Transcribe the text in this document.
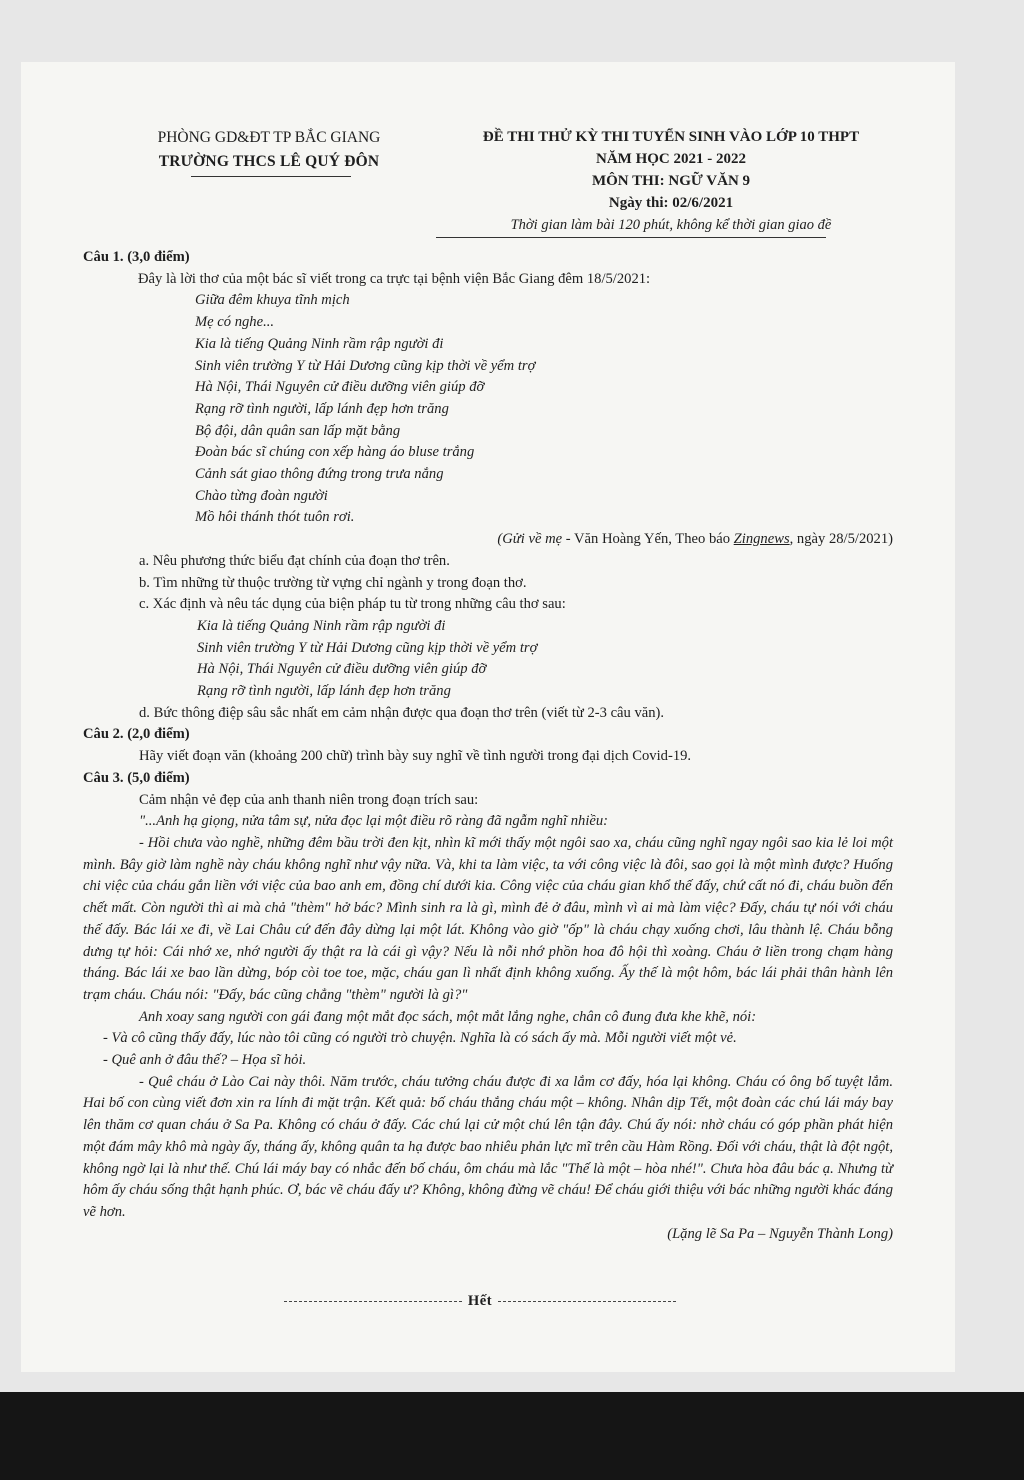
PHÒNG GD&ĐT TP BẮC GIANG
TRƯỜNG THCS LÊ QUÝ ĐÔN
ĐỀ THI THỬ KỲ THI TUYỂN SINH VÀO LỚP 10 THPT
NĂM HỌC 2021 - 2022
MÔN THI: NGỮ VĂN 9
Ngày thi: 02/6/2021
Thời gian làm bài 120 phút, không kể thời gian giao đề
Câu 1. (3,0 điểm)
Đây là lời thơ của một bác sĩ viết trong ca trực tại bệnh viện Bắc Giang đêm 18/5/2021:
Giữa đêm khuya tĩnh mịch
Mẹ có nghe...
Kia là tiếng Quảng Ninh rầm rập người đi
Sinh viên trường Y từ Hải Dương cũng kịp thời về yểm trợ
Hà Nội, Thái Nguyên cử điều dưỡng viên giúp đỡ
Rạng rỡ tình người, lấp lánh đẹp hơn trăng
Bộ đội, dân quân san lấp mặt bằng
Đoàn bác sĩ chúng con xếp hàng áo bluse trắng
Cảnh sát giao thông đứng trong trưa nắng
Chào từng đoàn người
Mồ hôi thánh thót tuôn rơi.
(Gửi về mẹ - Văn Hoàng Yến, Theo báo Zingnews, ngày 28/5/2021)
a. Nêu phương thức biểu đạt chính của đoạn thơ trên.
b. Tìm những từ thuộc trường từ vựng chỉ ngành y trong đoạn thơ.
c. Xác định và nêu tác dụng của biện pháp tu từ trong những câu thơ sau:
Kia là tiếng Quảng Ninh rầm rập người đi
Sinh viên trường Y từ Hải Dương cũng kịp thời về yểm trợ
Hà Nội, Thái Nguyên cử điều dưỡng viên giúp đỡ
Rạng rỡ tình người, lấp lánh đẹp hơn trăng
d. Bức thông điệp sâu sắc nhất em cảm nhận được qua đoạn thơ trên (viết từ 2-3 câu văn).
Câu 2. (2,0 điểm)
Hãy viết đoạn văn (khoảng 200 chữ) trình bày suy nghĩ về tình người trong đại dịch Covid-19.
Câu 3. (5,0 điểm)
Cảm nhận vẻ đẹp của anh thanh niên trong đoạn trích sau:
"...Anh hạ giọng, nửa tâm sự, nửa đọc lại một điều rõ ràng đã ngẫm nghĩ nhiều:
- Hồi chưa vào nghề, những đêm bầu trời đen kịt, nhìn kĩ mới thấy một ngôi sao xa, cháu cũng nghĩ ngay ngôi sao kia lẻ loi một mình. Bây giờ làm nghề này cháu không nghĩ như vậy nữa. Và, khi ta làm việc, ta với công việc là đôi, sao gọi là một mình được? Huống chi việc của cháu gắn liền với việc của bao anh em, đồng chí dưới kia. Công việc của cháu gian khổ thế đấy, chứ cất nó đi, cháu buồn đến chết mất. Còn người thì ai mà chả "thèm" hở bác? Mình sinh ra là gì, mình đẻ ở đâu, mình vì ai mà làm việc? Đấy, cháu tự nói với cháu thế đấy. Bác lái xe đi, về Lai Châu cứ đến đây dừng lại một lát. Không vào giờ "ốp" là cháu chạy xuống chơi, lâu thành lệ. Cháu bỗng dưng tự hỏi: Cái nhớ xe, nhớ người ấy thật ra là cái gì vậy? Nếu là nỗi nhớ phồn hoa đô hội thì xoàng. Cháu ở liền trong chạm hàng tháng. Bác lái xe bao lần dừng, bóp còi toe toe, mặc, cháu gan lì nhất định không xuống. Ấy thế là một hôm, bác lái phải thân hành lên trạm cháu. Cháu nói: "Đấy, bác cũng chẳng "thèm" người là gì?"
Anh xoay sang người con gái đang một mắt đọc sách, một mắt lắng nghe, chân cô đung đưa khe khẽ, nói:
- Và cô cũng thấy đấy, lúc nào tôi cũng có người trò chuyện. Nghĩa là có sách ấy mà. Mỗi người viết một vẻ.
- Quê anh ở đâu thế? – Họa sĩ hỏi.
- Quê cháu ở Lào Cai này thôi. Năm trước, cháu tưởng cháu được đi xa lắm cơ đấy, hóa lại không. Cháu có ông bố tuyệt lắm. Hai bố con cùng viết đơn xin ra lính đi mặt trận. Kết quả: bố cháu thắng cháu một – không. Nhân dịp Tết, một đoàn các chú lái máy bay lên thăm cơ quan cháu ở Sa Pa. Không có cháu ở đấy. Các chú lại cử một chú lên tận đây. Chú ấy nói: nhờ cháu có góp phần phát hiện một đám mây khô mà ngày ấy, tháng ấy, không quân ta hạ được bao nhiêu phản lực mĩ trên cầu Hàm Rồng. Đối với cháu, thật là đột ngột, không ngờ lại là như thế. Chú lái máy bay có nhắc đến bố cháu, ôm cháu mà lắc "Thế là một – hòa nhé!". Chưa hòa đâu bác ạ. Nhưng từ hôm ấy cháu sống thật hạnh phúc. Ơ, bác vẽ cháu đấy ư? Không, không đừng vẽ cháu! Để cháu giới thiệu với bác những người khác đáng vẽ hơn.
(Lặng lẽ Sa Pa – Nguyễn Thành Long)
Hết
